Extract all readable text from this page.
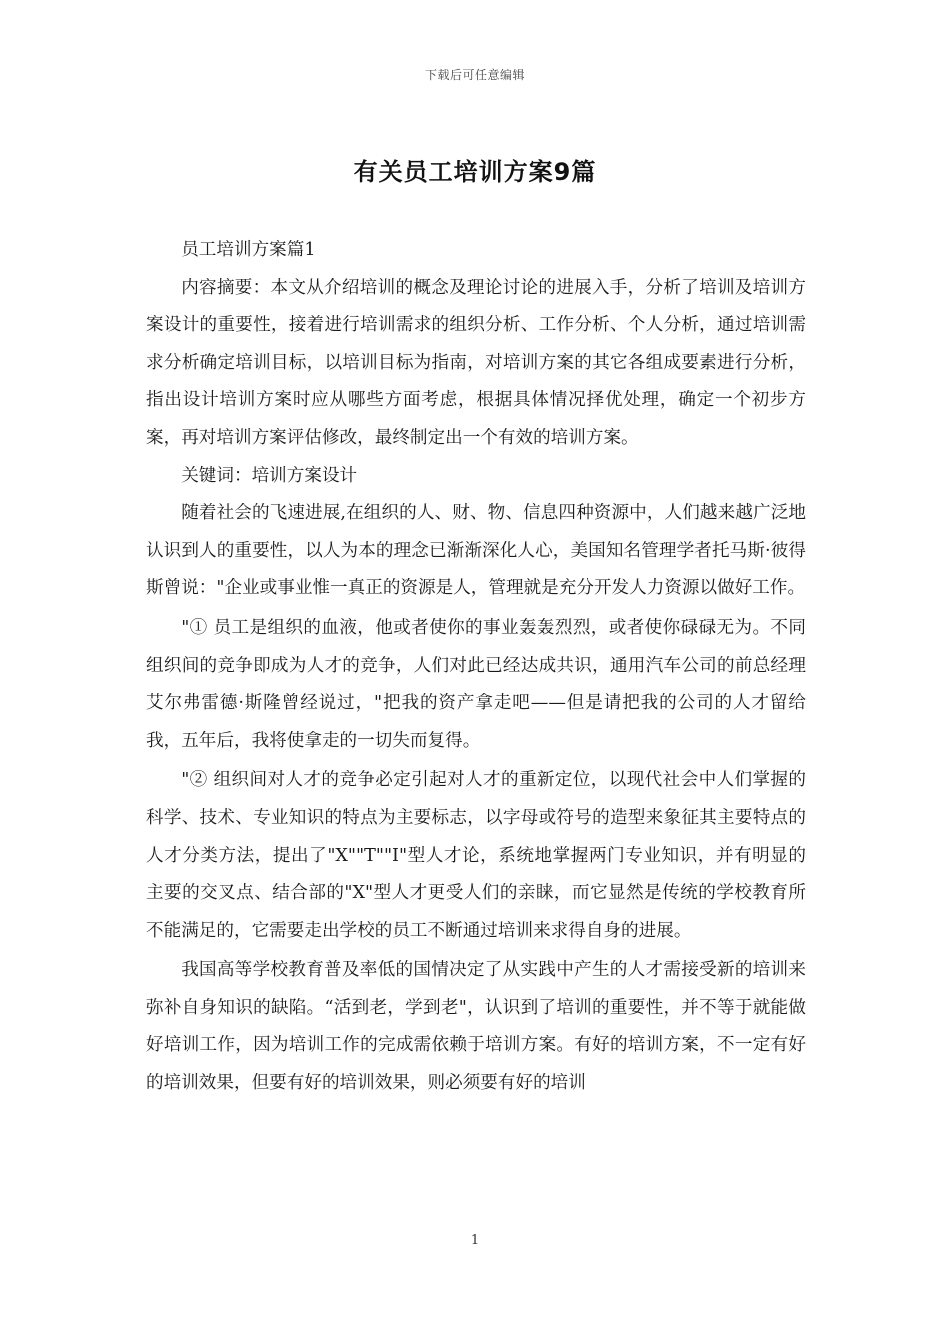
下载后可任意编辑
有关员工培训方案9篇

员工培训方案篇1

内容摘要：本文从介绍培训的概念及理论讨论的进展入手，分析了培训及培训方案设计的重要性，接着进行培训需求的组织分析、工作分析、个人分析，通过培训需求分析确定培训目标，以培训目标为指南，对培训方案的其它各组成要素进行分析，指出设计培训方案时应从哪些方面考虑，根据具体情况择优处理，确定一个初步方案，再对培训方案评估修改，最终制定出一个有效的培训方案。

关键词：培训方案设计

随着社会的飞速进展,在组织的人、财、物、信息四种资源中，人们越来越广泛地认识到人的重要性，以人为本的理念已渐渐深化人心，美国知名管理学者托马斯·彼得斯曾说："企业或事业惟一真正的资源是人，管理就是充分开发人力资源以做好工作。

"① 员工是组织的血液，他或者使你的事业轰轰烈烈，或者使你碌碌无为。不同组织间的竞争即成为人才的竞争，人们对此已经达成共识，通用汽车公司的前总经理艾尔弗雷德·斯隆曾经说过，"把我的资产拿走吧——但是请把我的公司的人才留给我，五年后，我将使拿走的一切失而复得。

"② 组织间对人才的竞争必定引起对人才的重新定位，以现代社会中人们掌握的科学、技术、专业知识的特点为主要标志，以字母或符号的造型来象征其主要特点的人才分类方法，提出了"X""T""I"型人才论，系统地掌握两门专业知识，并有明显的主要的交叉点、结合部的"X"型人才更受人们的亲睐，而它显然是传统的学校教育所不能满足的，它需要走出学校的员工不断通过培训来求得自身的进展。

我国高等学校教育普及率低的国情决定了从实践中产生的人才需接受新的培训来弥补自身知识的缺陷。“活到老，学到老"，认识到了培训的重要性，并不等于就能做好培训工作，因为培训工作的完成需依赖于培训方案。有好的培训方案，不一定有好的培训效果，但要有好的培训效果，则必须要有好的培训

1
